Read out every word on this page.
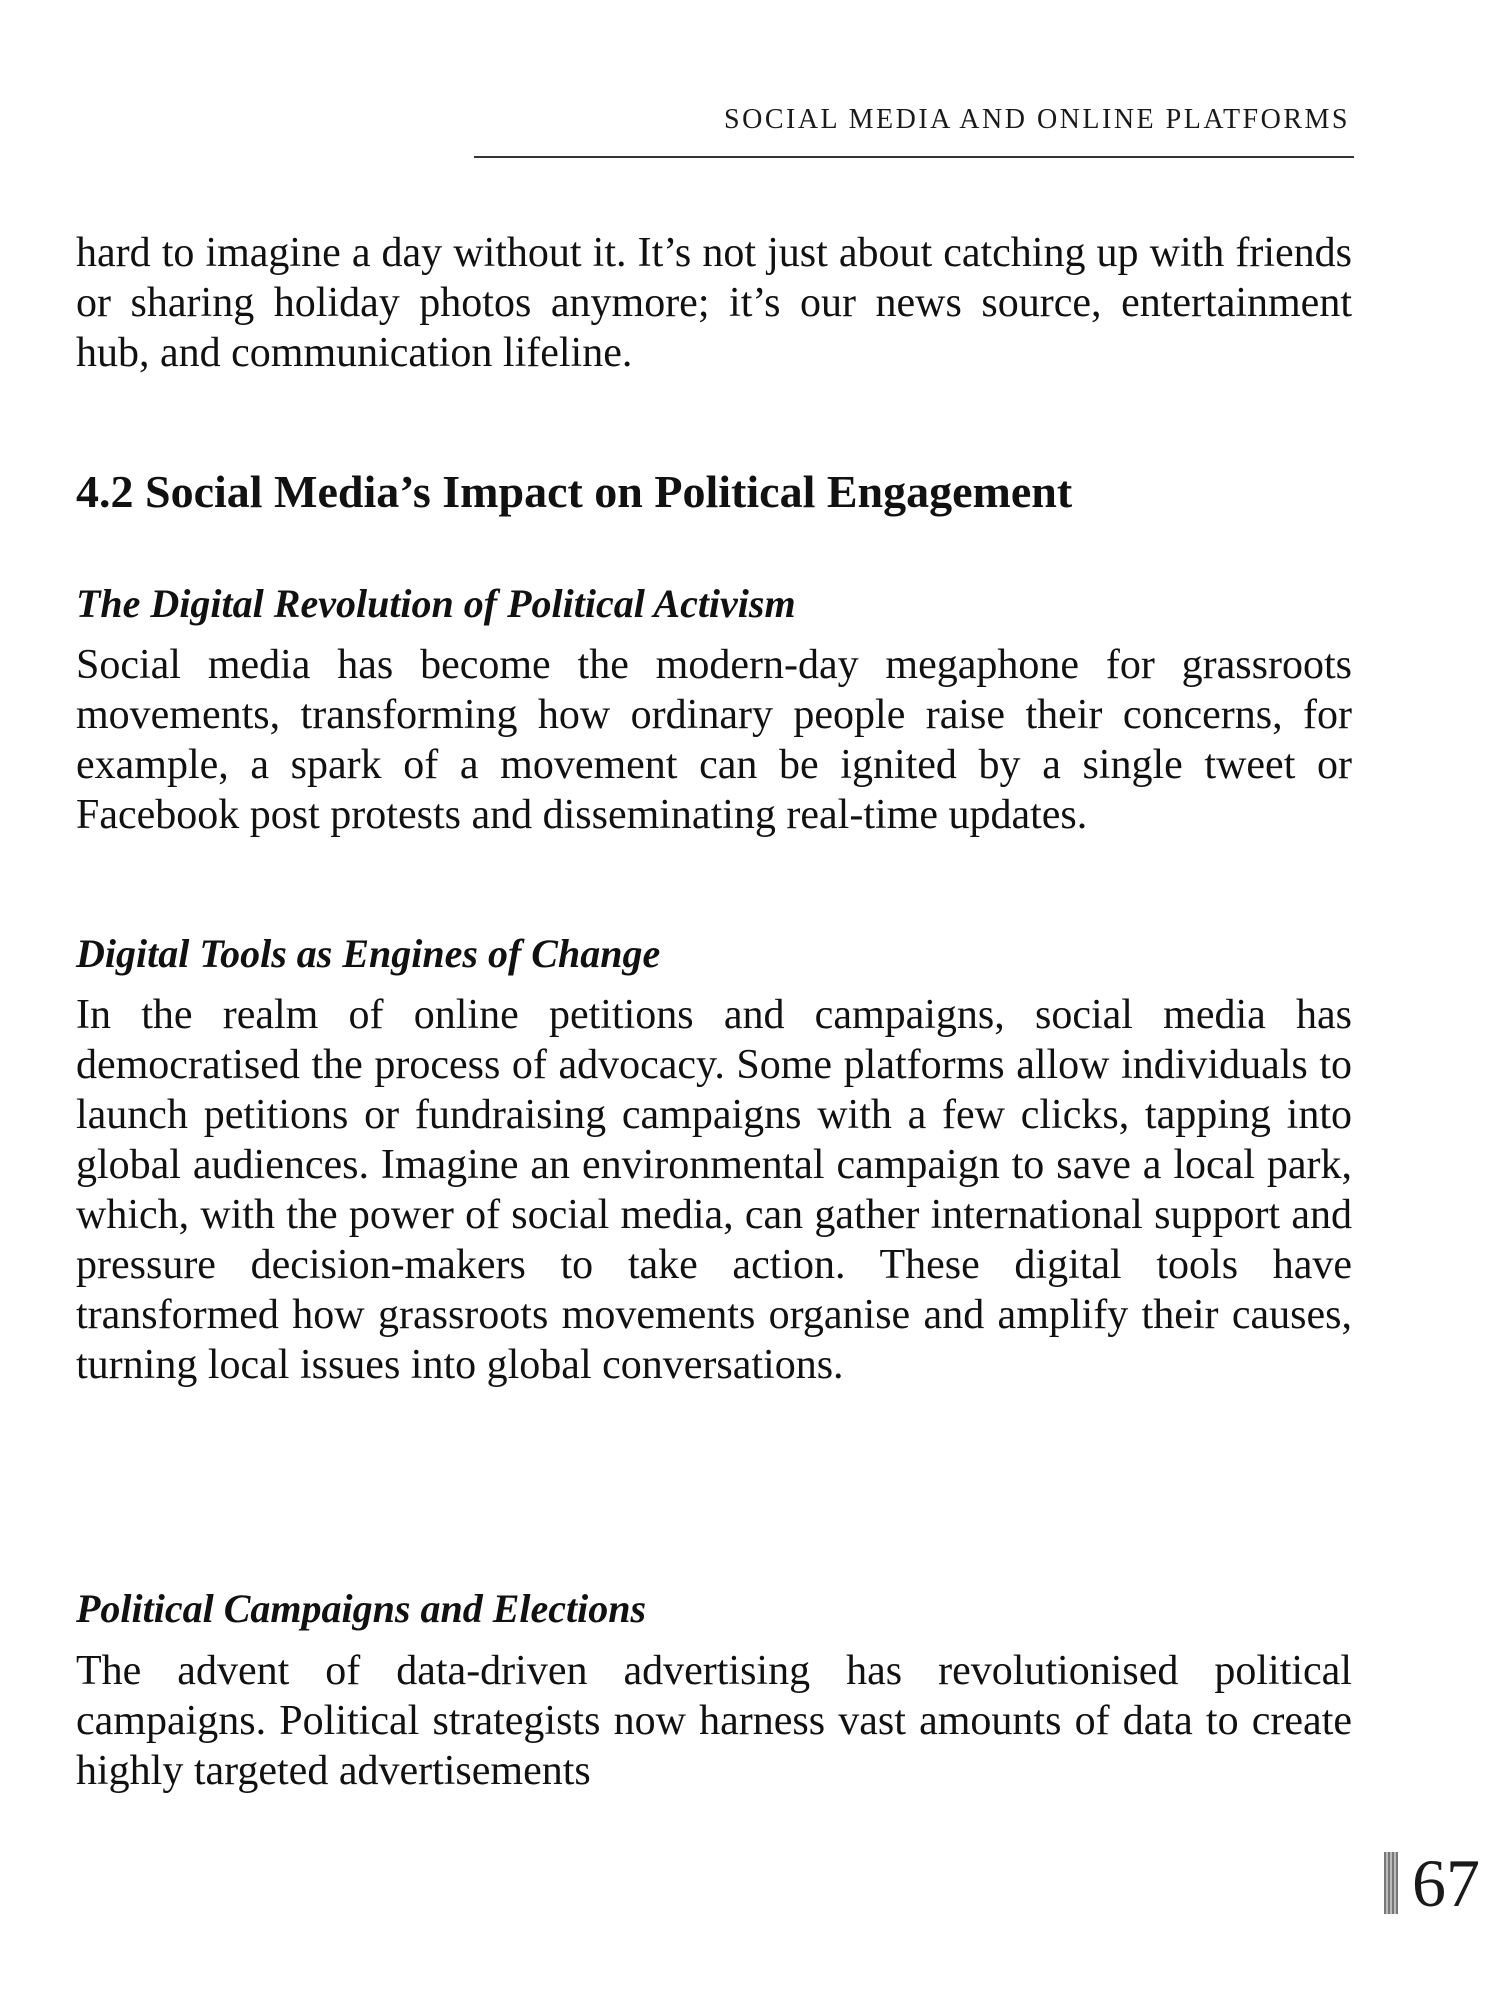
SOCIAL MEDIA AND ONLINE PLATFORMS

hard to imagine a day without it. It’s not just about catching up with friends or sharing holiday photos anymore; it’s our news source, entertainment hub, and communication lifeline.

4.2 Social Media’s Impact on Political Engagement
The Digital Revolution of Political Activism

Social media has become the modern-day megaphone for grassroots movements, transforming how ordinary people raise their concerns, for example, a spark of a movement can be ignited by a single tweet or Facebook post protests and disseminating real-time updates.

Digital Tools as Engines of Change

In the realm of online petitions and campaigns, social media has democratised the process of advocacy. Some platforms allow individuals to launch petitions or fundraising campaigns with a few clicks, tapping into global audiences. Imagine an environmental campaign to save a local park, which, with the power of social media, can gather international support and pressure decision-makers to take action. These digital tools have transformed how grassroots movements organise and amplify their causes, turning local issues into global conversations.

Political Campaigns and Elections

The advent of data-driven advertising has revolutionised political campaigns. Political strategists now harness vast amounts of data to create highly targeted advertisements

67
